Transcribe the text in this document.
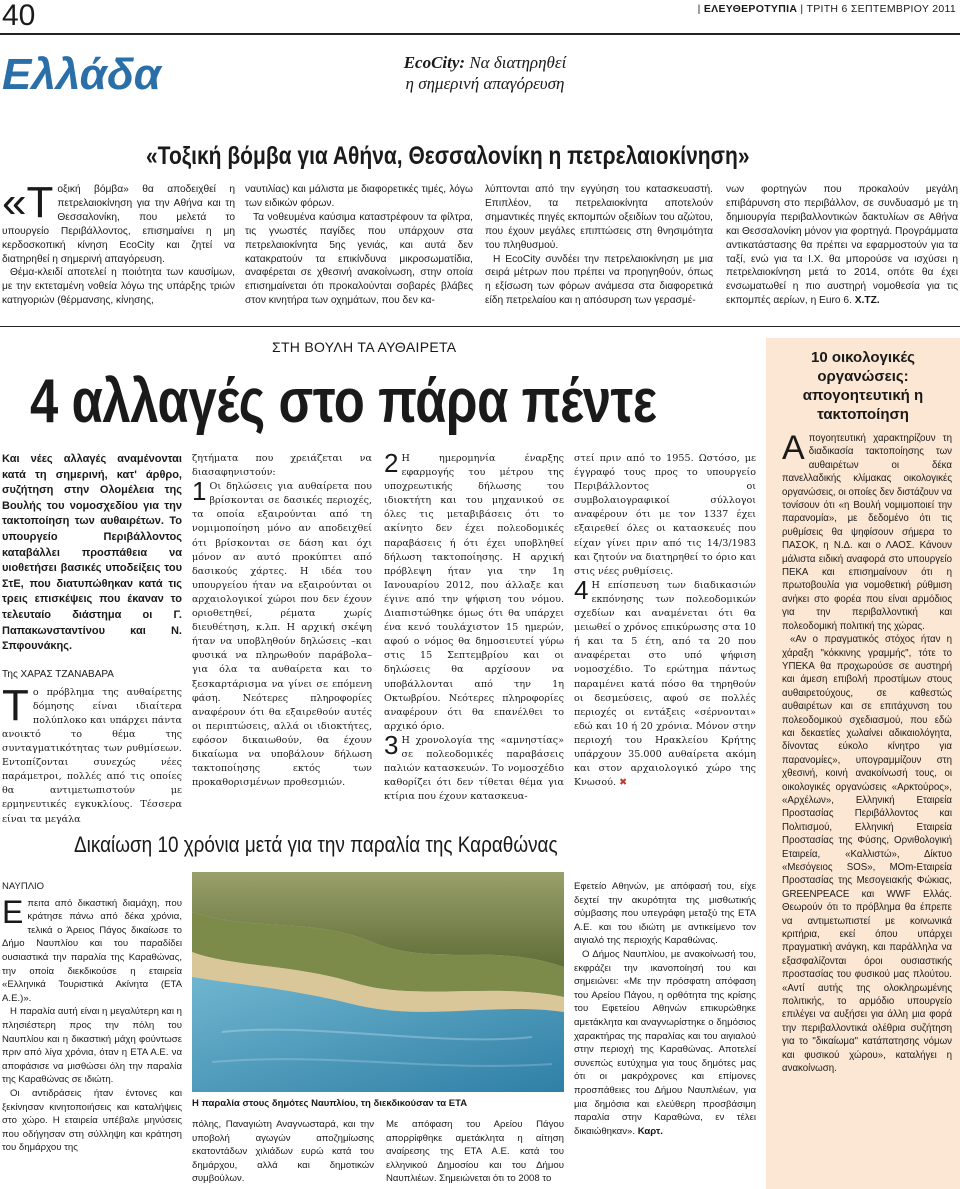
40	| ΕΛΕΥΘΕΡΟΤΥΠΙΑ | ΤΡΙΤΗ 6 ΣΕΠΤΕΜΒΡΙΟΥ 2011
Ελλάδα	EcoCity: Να διατηρηθεί
η σημερινή απαγόρευση
«Τοξική βόμβα για Αθήνα, Θεσσαλονίκη η πετρελαιοκίνηση»

«Τοξική βόμβα» θα αποδειχθεί η πετρελαιοκίνηση για την Αθήνα και τη Θεσσαλονίκη, που μελετά το υπουργείο Περιβάλλοντος, επισημαίνει η μη κερδοσκοπική κίνηση EcoCity και ζητεί να διατηρηθεί η σημερινή απαγόρευση.

Θέμα-κλειδί αποτελεί η ποιότητα των καυσίμων, με την εκτεταμένη νοθεία λόγω της υπάρξης τριών κατηγοριών (θέρμανσης, κίνησης,

ναυτιλίας) και μάλιστα με διαφορετικές τιμές, λόγω των ειδικών φόρων.

Τα νοθευμένα καύσιμα καταστρέφουν τα φίλτρα, τις γνωστές παγίδες που υπάρχουν στα πετρελαιοκίνητα 5ης γενιάς, και αυτά δεν κατακρατούν τα επικίνδυνα μικροσωματίδια, αναφέρεται σε χθεσινή ανακοίνωση, στην οποία επισημαίνεται ότι προκαλούνται σοβαρές βλάβες στον κινητήρα των οχημάτων, που δεν κα-

λύπτονται από την εγγύηση του κατασκευαστή. Επιπλέον, τα πετρελαιοκίνητα αποτελούν σημαντικές πηγές εκπομπών οξειδίων του αζώτου, που έχουν μεγάλες επιπτώσεις στη θνησιμότητα του πληθυσμού.

Η EcoCity συνδέει την πετρελαιοκίνηση με μια σειρά μέτρων που πρέπει να προηγηθούν, όπως η εξίσωση των φόρων ανάμεσα στα διαφορετικά είδη πετρελαίου και η απόσυρση των γερασμέ-

νων φορτηγών που προκαλούν μεγάλη επιβάρυνση στο περιβάλλον, σε συνδυασμό με τη δημιουργία περιβαλλοντικών δακτυλίων σε Αθήνα και Θεσσαλονίκη μόνον για φορτηγά. Προγράμματα αντικατάστασης θα πρέπει να εφαρμοστούν για τα ταξί, ενώ για τα Ι.Χ. θα μπορούσε να ισχύσει η πετρελαιοκίνηση μετά το 2014, οπότε θα έχει ενσωματωθεί η πιο αυστηρή νομοθεσία για τις εκπομπές αερίων, η Euro 6. Χ.ΤΖ.

ΣΤΗ ΒΟΥΛΗ ΤΑ ΑΥΘΑΙΡΕΤΑ
4 αλλαγές στο πάρα πέντε
Και νέες αλλαγές αναμένονται κατά τη σημερινή, κατ' άρθρο, συζήτηση στην Ολομέλεια της Βουλής του νομοσχεδίου για την τακτοποίηση των αυθαιρέτων. Το υπουργείο Περιβάλλοντος καταβάλλει προσπάθεια να υιοθετήσει βασικές υποδείξεις του ΣτΕ, που διατυπώθηκαν κατά τις τρεις επισκέψεις που έκαναν το τελευταίο διάστημα οι Γ. Παπακωνσταντίνου και Ν. Σπφουνάκης.
Της ΧΑΡΑΣ ΤΖΑΝΑΒΑΡΑ

Το πρόβλημα της αυθαίρετης δόμησης είναι ιδιαίτερα πολύπλοκο και υπάρχει πάντα ανοικτό το θέμα της συνταγματικότητας των ρυθμίσεων. Εντοπίζονται συνεχώς νέες παράμετροι, πολλές από τις οποίες θα αντιμετωπιστούν με ερμηνευτικές εγκυκλίους. Τέσσερα είναι τα μεγάλα

ζητήματα που χρειάζεται να διασαφηνιστούν:

1 Οι δηλώσεις για αυθαίρετα που βρίσκονται σε δασικές περιοχές, τα οποία εξαιρούνται από τη νομιμοποίηση μόνο αν αποδειχθεί ότι βρίσκονται σε δάση και όχι μόνον αν αυτό προκύπτει από δασικούς χάρτες. Η ιδέα του υπουργείου ήταν να εξαιρούνται οι αρχαιολογικοί χώροι που δεν έχουν οριοθετηθεί, ρέματα χωρίς διευθέτηση, κ.λπ. Η αρχική σκέψη ήταν να υποβληθούν δηλώσεις –και φυσικά να πληρωθούν παράβολα– για όλα τα αυθαίρετα και το ξεσκαρτάρισμα να γίνει σε επόμενη φάση. Νεότερες πληροφορίες αναφέρουν ότι θα εξαιρεθούν αυτές οι περιπτώσεις, αλλά οι ιδιοκτήτες, εφόσον δικαιωθούν, θα έχουν δικαίωμα να υποβάλουν δήλωση τακτοποίησης εκτός των προκαθορισμένων προθεσμιών.

2 Η ημερομηνία έναρξης εφαρμογής του μέτρου της υποχρεωτικής δήλωσης του ιδιοκτήτη και του μηχανικού σε όλες τις μεταβιβάσεις ότι το ακίνητο δεν έχει πολεοδομικές παραβάσεις ή ότι έχει υποβληθεί δήλωση τακτοποίησης. Η αρχική πρόβλεψη ήταν για την 1η Ιανουαρίου 2012, που άλλαξε και έγινε από την ψήφιση του νόμου. Διαπιστώθηκε όμως ότι θα υπάρχει ένα κενό τουλάχιστον 15 ημερών, αφού ο νόμος θα δημοσιευτεί γύρω στις 15 Σεπτεμβρίου και οι δηλώσεις θα αρχίσουν να υποβάλλονται από την 1η Οκτωβρίου. Νεότερες πληροφορίες αναφέρουν ότι θα επανέλθει το αρχικό όριο.

3 Η χρονολογία της «αμνηστίας» σε πολεοδομικές παραβάσεις παλιών κατασκευών. Το νομοσχέδιο καθορίζει ότι δεν τίθεται θέμα για κτίρια που έχουν κατασκευα-

στεί πριν από το 1955. Ωστόσο, με έγγραφό τους προς το υπουργείο Περιβάλλοντος οι συμβολαιογραφικοί σύλλογοι αναφέρουν ότι με τον 1337 έχει εξαιρεθεί όλες οι κατασκευές που είχαν γίνει πριν από τις 14/3/1983 και ζητούν να διατηρηθεί το όριο και στις νέες ρυθμίσεις.

4 Η επίσπευση των διαδικασιών εκπόνησης των πολεοδομικών σχεδίων και αναμένεται ότι θα μειωθεί ο χρόνος επικύρωσης στα 10 ή και τα 5 έτη, από τα 20 που αναφέρεται στο υπό ψήφιση νομοσχέδιο. Το ερώτημα πάντως παραμένει κατά πόσο θα τηρηθούν οι δεσμεύσεις, αφού σε πολλές περιοχές οι εντάξεις «σέρνονται» εδώ και 10 ή 20 χρόνια. Μόνον στην περιοχή του Ηρακλείου Κρήτης υπάρχουν 35.000 αυθαίρετα ακόμη και στον αρχαιολογικό χώρο της Κνωσού. ✖

10 οικολογικές οργανώσεις: απογοητευτική η τακτοποίηση

Απογοητευτική χαρακτηρίζουν τη διαδικασία τακτοποίησης των αυθαιρέτων οι δέκα πανελλαδικής κλίμακας οικολογικές οργανώσεις, οι οποίες δεν διστάζουν να τονίσουν ότι «η Βουλή νομιμοποιεί την παρανομία», με δεδομένο ότι τις ρυθμίσεις θα ψηφίσουν σήμερα το ΠΑΣΟΚ, η Ν.Δ. και ο ΛΑΟΣ. Κάνουν μάλιστα ειδική αναφορά στο υπουργείο ΠΕΚΑ και επισημαίνουν ότι η πρωτοβουλία για νομοθετική ρύθμιση ανήκει στο φορέα που είναι αρμόδιος για την περιβαλλοντική και πολεοδομική πολιτική της χώρας.

«Αν ο πραγματικός στόχος ήταν η χάραξη "κόκκινης γραμμής", τότε το ΥΠΕΚΑ θα προχωρούσε σε αυστηρή και άμεση επιβολή προστίμων στους αυθαιρετούχους, σε καθεστώς αυθαιρέτων και σε επιτάχυνση του πολεοδομικού σχεδιασμού, που εδώ και δεκαετίες χωλαίνει αδικαιολόγητα, δίνοντας εύκολο κίνητρο για παρανομίες», υπογραμμίζουν στη χθεσινή, κοινή ανακοίνωσή τους, οι οικολογικές οργανώσεις «Αρκτούρος», «Αρχέλων», Ελληνική Εταιρεία Προστασίας Περιβάλλοντος και Πολιτισμού, Ελληνική Εταιρεία Προστασίας της Φύσης, Ορνιθολογική Εταιρεία, «Καλλιστώ», Δίκτυο «Μεσόγειος SOS», ΜΟm-Εταιρεία Προστασίας της Μεσογειακής Φώκιας, GREENPEACE και WWF Ελλάς. Θεωρούν ότι το πρόβλημα θα έπρεπε να αντιμετωπιστεί με κοινωνικά κριτήρια, εκεί όπου υπάρχει πραγματική ανάγκη, και παράλληλα να εξασφαλίζονται όροι ουσιαστικής προστασίας του φυσικού μας πλούτου. «Αντί αυτής της ολοκληρωμένης πολιτικής, το αρμόδιο υπουργείο επιλέγει να αυξήσει για άλλη μια φορά την περιβαλλοντικά ολέθρια συζήτηση για το "δικαίωμα" κατάπατησης νόμων και φυσικού χώρου», καταλήγει η ανακοίνωση.

Δικαίωση 10 χρόνια μετά για την παραλία της Καραθώνας
ΝΑΥΠΛΙΟ

Επειτα από δικαστική διαμάχη, που κράτησε πάνω από δέκα χρόνια, τελικά ο Άρειος Πάγος δικαίωσε το Δήμο Ναυπλίου και του παραδίδει ουσιαστικά την παραλία της Καραθώνας, την οποία διεκδικούσε η εταιρεία «Ελληνικά Τουριστικά Ακίνητα (ΕΤΑ Α.Ε.)».

Η παραλία αυτή είναι η μεγαλύτερη και η πλησιέστερη προς την πόλη του Ναυπλίου και η δικαστική μάχη φούντωσε πριν από λίγα χρόνια, όταν η ΕΤΑ Α.Ε. να αποφάσισε να μισθώσει όλη την παραλία της Καραθώνας σε ιδιώτη.

Οι αντιδράσεις ήταν έντονες και ξεκίνησαν κινητοποιήσεις και καταλήψεις στο χώρο. Η εταιρεία υπέβαλε μηνύσεις που οδήγησαν στη σύλληψη και κράτηση του δημάρχου της

Η παραλία στους δημότες Ναυπλίου, τη διεκδικούσαν τα ΕΤΑ

πόλης, Παναγιώτη Αναγνωσταρά, και την υποβολή αγωγών αποζημίωσης εκατοντάδων χιλιάδων ευρώ κατά του δημάρχου, αλλά και δημοτικών συμβούλων.

Με απόφαση του Αρείου Πάγου απορρίφθηκε αμετάκλητα η αίτηση αναίρεσης της ΕΤΑ Α.Ε. κατά του ελληνικού Δημοσίου και του Δήμου Ναυπλιέων. Σημειώνεται ότι το 2008 το

Εφετείο Αθηνών, με απόφασή του, είχε δεχτεί την ακυρότητα της μισθωτικής σύμβασης που υπεγράφη μεταξύ της ΕΤΑ Α.Ε. και του ιδιώτη με αντικείμενο τον αιγιαλό της περιοχής Καραθώνας.

Ο Δήμος Ναυπλίου, με ανακοίνωσή του, εκφράζει την ικανοποίησή του και σημειώνει: «Με την πρόσφατη απόφαση του Αρείου Πάγου, η ορθότητα της κρίσης του Εφετείου Αθηνών επικυρώθηκε αμετάκλητα και αναγνωρίστηκε ο δημόσιος χαρακτήρας της παραλίας και του αιγιαλού στην περιοχή της Καραθώνας. Αποτελεί συνεπώς ευτύχημα για τους δημότες μας ότι οι μακρόχρονες και επίμονες προσπάθειες του Δήμου Ναυπλιέων, για μια δημόσια και ελεύθερη προσβάσιμη παραλία στην Καραθώνα, εν τέλει δικαιώθηκαν». Καρτ.
